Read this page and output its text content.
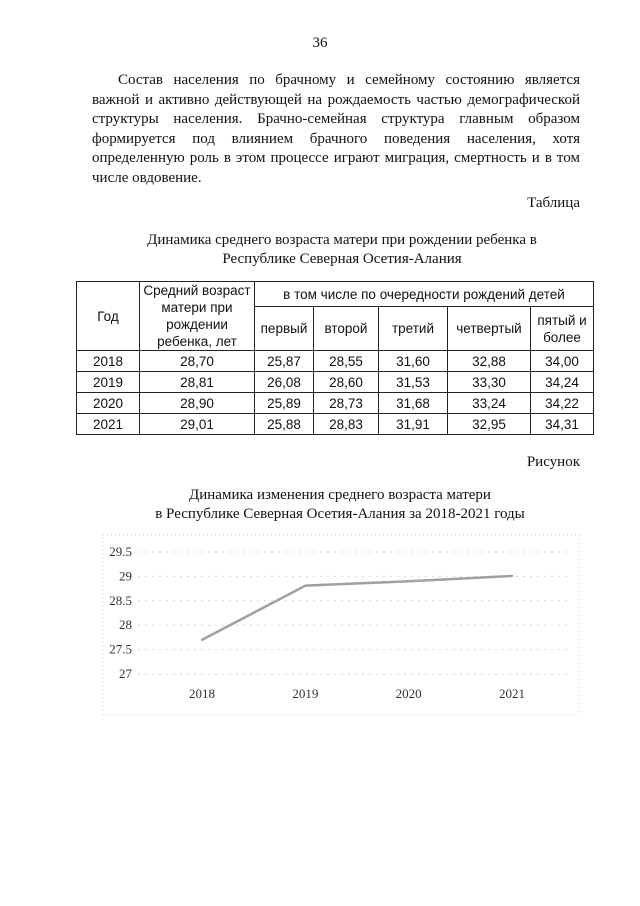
36
Состав населения по брачному и семейному состоянию является
важной и активно действующей на рождаемость частью демографической
структуры населения. Брачно-семейная структура главным образом
формируется под влиянием брачного поведения населения, хотя
определенную роль в этом процессе играют миграция, смертность и в том
числе овдовение.
Таблица
Динамика среднего возраста матери при рождении ребенка в
Республике Северная Осетия-Алания
Год	Средний возраст матери при рождении ребенка, лет	в том числе по очередности рождений детей				
		первый	второй	третий	четвертый	пятый и более
2018	28,70	25,87	28,55	31,60	32,88	34,00
2019	28,81	26,08	28,60	31,53	33,30	34,24
2020	28,90	25,89	28,73	31,68	33,24	34,22
2021	29,01	25,88	28,83	31,91	32,95	34,31
Рисунок
Динамика изменения среднего возраста матери
в Республике Северная Осетия-Алания за 2018-2021 годы
27
27.5
28
28.5
29
29.5
2018	2019	2020	2021
